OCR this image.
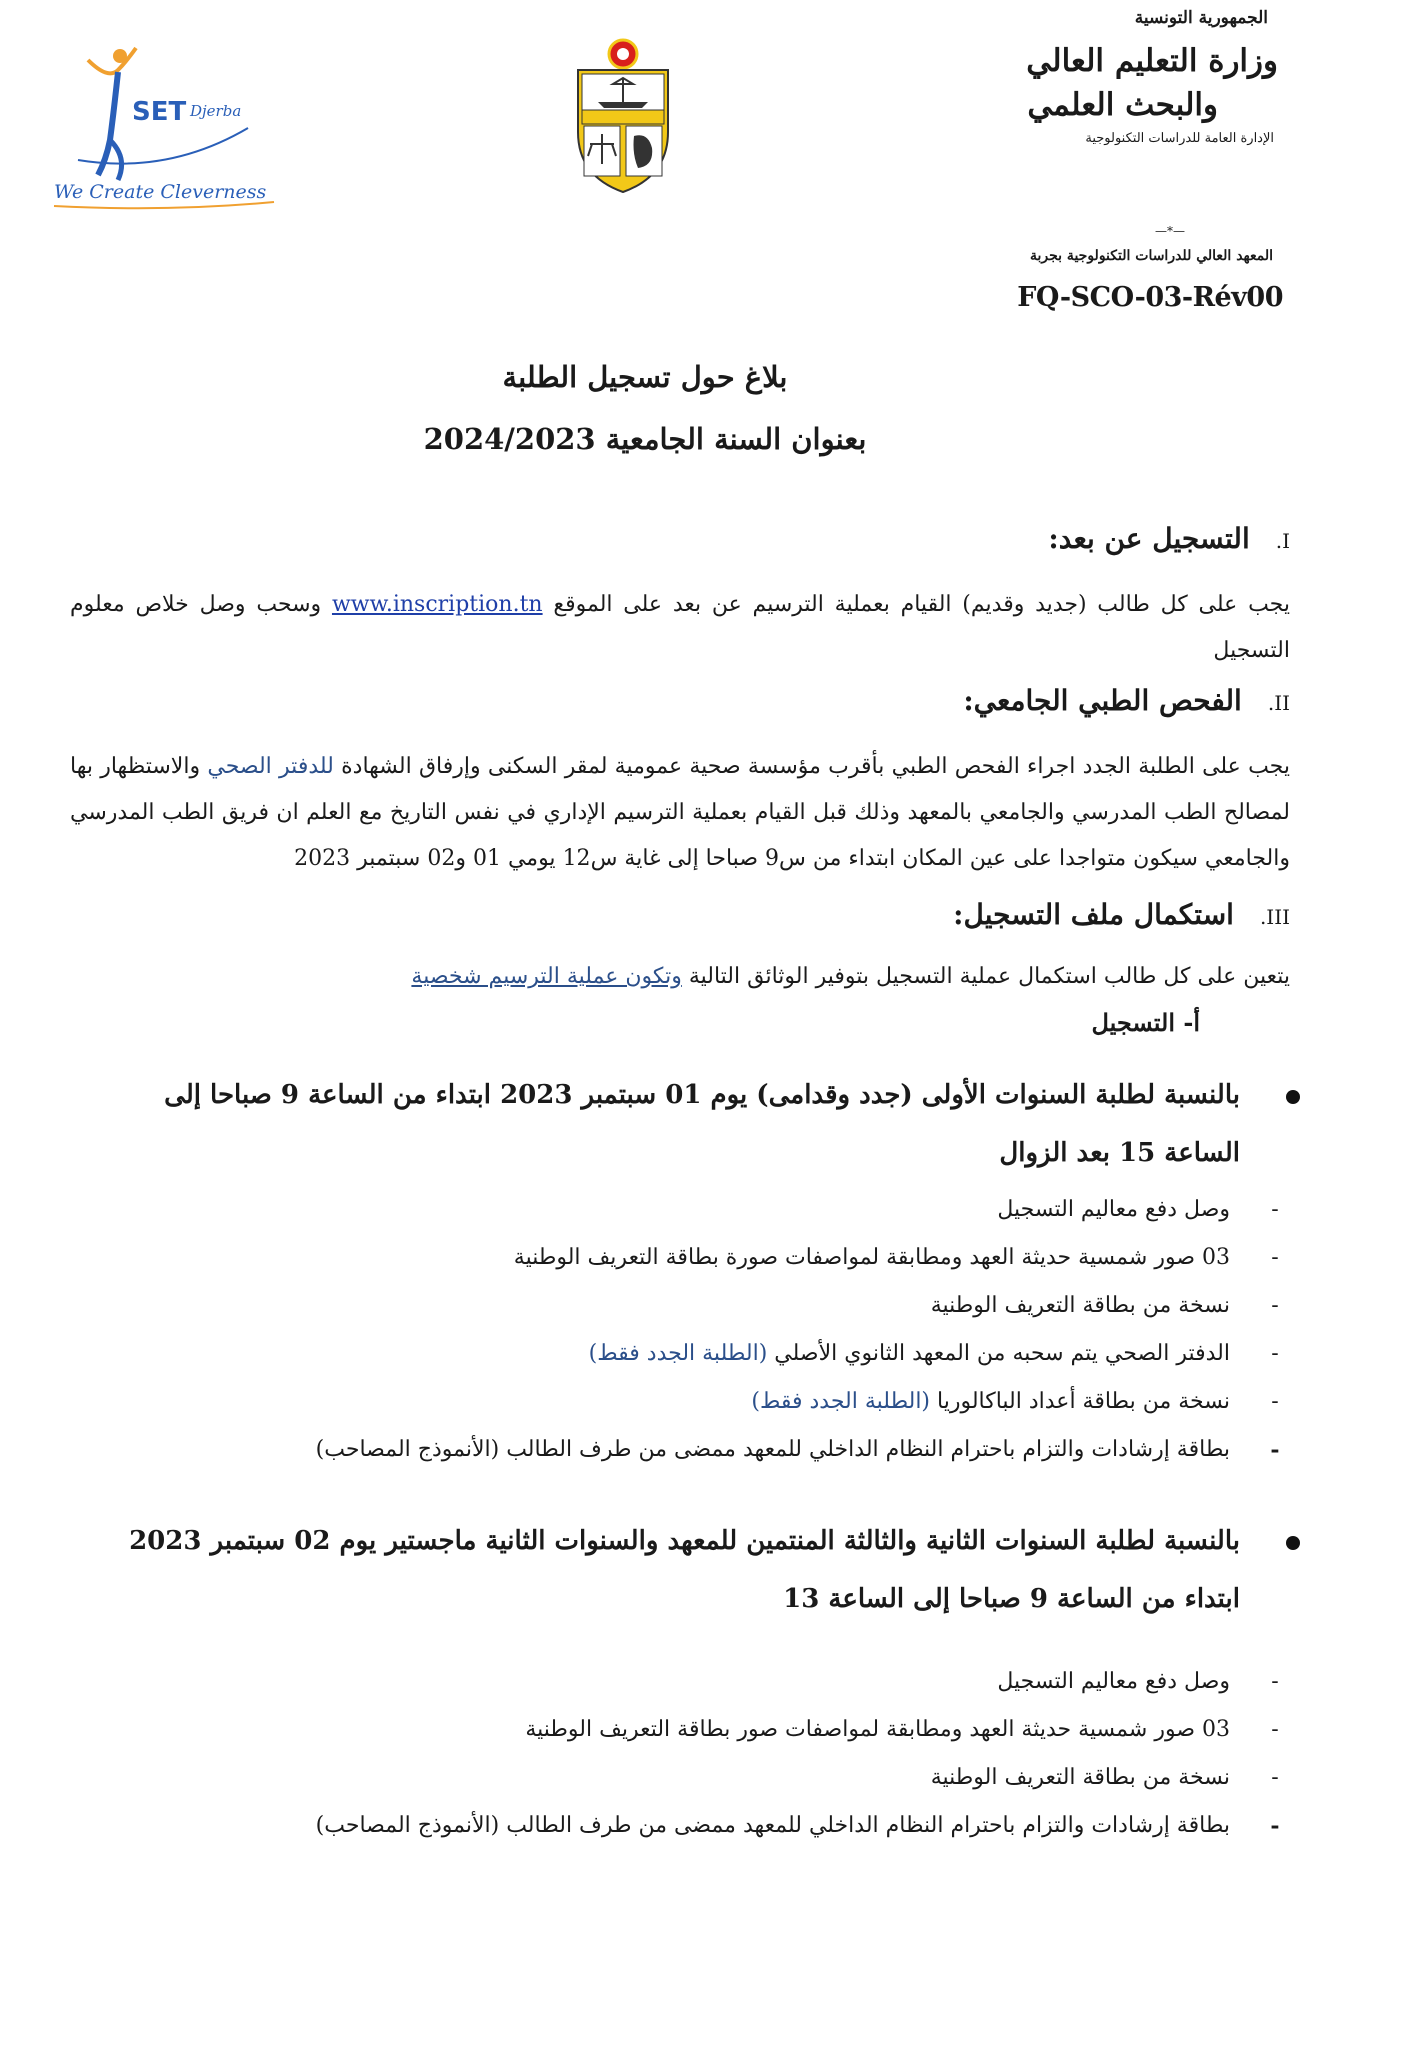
SET Djerba
We Create Cleverness
الجمهورية التونسية
وزارة التعليم العالي
والبحث العلمي
الإدارة العامة للدراسات التكنولوجية
—*—
المعهد العالي للدراسات التكنولوجية بجربة
FQ-SCO-03-Rév00
بلاغ حول تسجيل الطلبة
بعنوان السنة الجامعية 2024/2023
I.التسجيل عن بعد:
يجب على كل طالب (جديد وقديم) القيام بعملية الترسيم عن بعد على الموقع www.inscription.tn وسحب وصل خلاص معلوم التسجيل
II.الفحص الطبي الجامعي:
يجب على الطلبة الجدد اجراء الفحص الطبي بأقرب مؤسسة صحية عمومية لمقر السكنى وإرفاق الشهادة للدفتر الصحي والاستظهار بها لمصالح الطب المدرسي والجامعي بالمعهد وذلك قبل القيام بعملية الترسيم الإداري في نفس التاريخ مع العلم ان فريق الطب المدرسي والجامعي سيكون متواجدا على عين المكان ابتداء من س9 صباحا إلى غاية س12 يومي 01 و02 سبتمبر 2023
III.استكمال ملف التسجيل:
يتعين على كل طالب استكمال عملية التسجيل بتوفير الوثائق التالية وتكون عملية الترسيم شخصية
أ- التسجيل
بالنسبة لطلبة السنوات الأولى (جدد وقدامى) يوم 01 سبتمبر 2023 ابتداء من الساعة 9 صباحا إلى الساعة 15 بعد الزوال
-
وصل دفع معاليم التسجيل
-
03 صور شمسية حديثة العهد ومطابقة لمواصفات صورة بطاقة التعريف الوطنية
-
نسخة من بطاقة التعريف الوطنية
-
الدفتر الصحي يتم سحبه من المعهد الثانوي الأصلي (الطلبة الجدد فقط)
-
نسخة من بطاقة أعداد الباكالوريا (الطلبة الجدد فقط)
-
بطاقة إرشادات والتزام باحترام النظام الداخلي للمعهد ممضى من طرف الطالب (الأنموذج المصاحب)
بالنسبة لطلبة السنوات الثانية والثالثة المنتمين للمعهد والسنوات الثانية ماجستير يوم 02 سبتمبر 2023
ابتداء من الساعة 9 صباحا إلى الساعة 13
-
وصل دفع معاليم التسجيل
-
03 صور شمسية حديثة العهد ومطابقة لمواصفات صور بطاقة التعريف الوطنية
-
نسخة من بطاقة التعريف الوطنية
-
بطاقة إرشادات والتزام باحترام النظام الداخلي للمعهد ممضى من طرف الطالب (الأنموذج المصاحب)
